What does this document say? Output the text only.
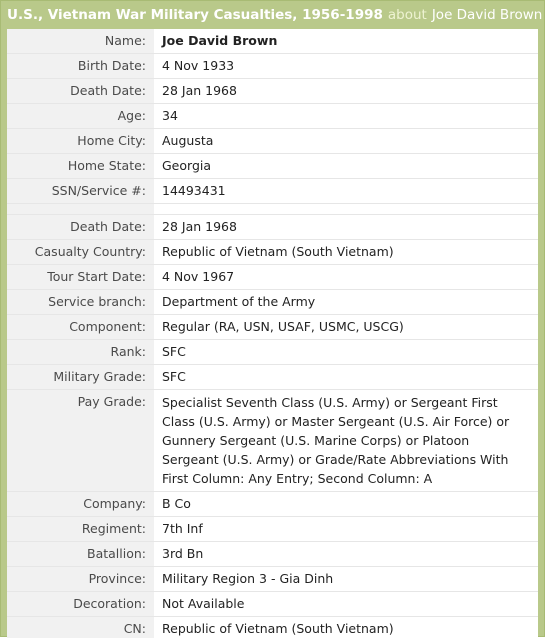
U.S., Vietnam War Military Casualties, 1956-1998 about Joe David Brown
Name:	Joe David Brown
Birth Date:	4 Nov 1933
Death Date:	28 Jan 1968
Age:	34
Home City:	Augusta
Home State:	Georgia
SSN/Service #:	14493431

Death Date:	28 Jan 1968
Casualty Country:	Republic of Vietnam (South Vietnam)
Tour Start Date:	4 Nov 1967
Service branch:	Department of the Army
Component:	Regular (RA, USN, USAF, USMC, USCG)
Rank:	SFC
Military Grade:	SFC
Pay Grade:	Specialist Seventh Class (U.S. Army) or Sergeant First Class (U.S. Army) or Master Sergeant (U.S. Air Force) or Gunnery Sergeant (U.S. Marine Corps) or Platoon Sergeant (U.S. Army) or Grade/Rate Abbreviations With First Column: Any Entry; Second Column: A
Company:	B Co
Regiment:	7th Inf
Batallion:	3rd Bn
Province:	Military Region 3 - Gia Dinh
Decoration:	Not Available
CN:	Republic of Vietnam (South Vietnam)
